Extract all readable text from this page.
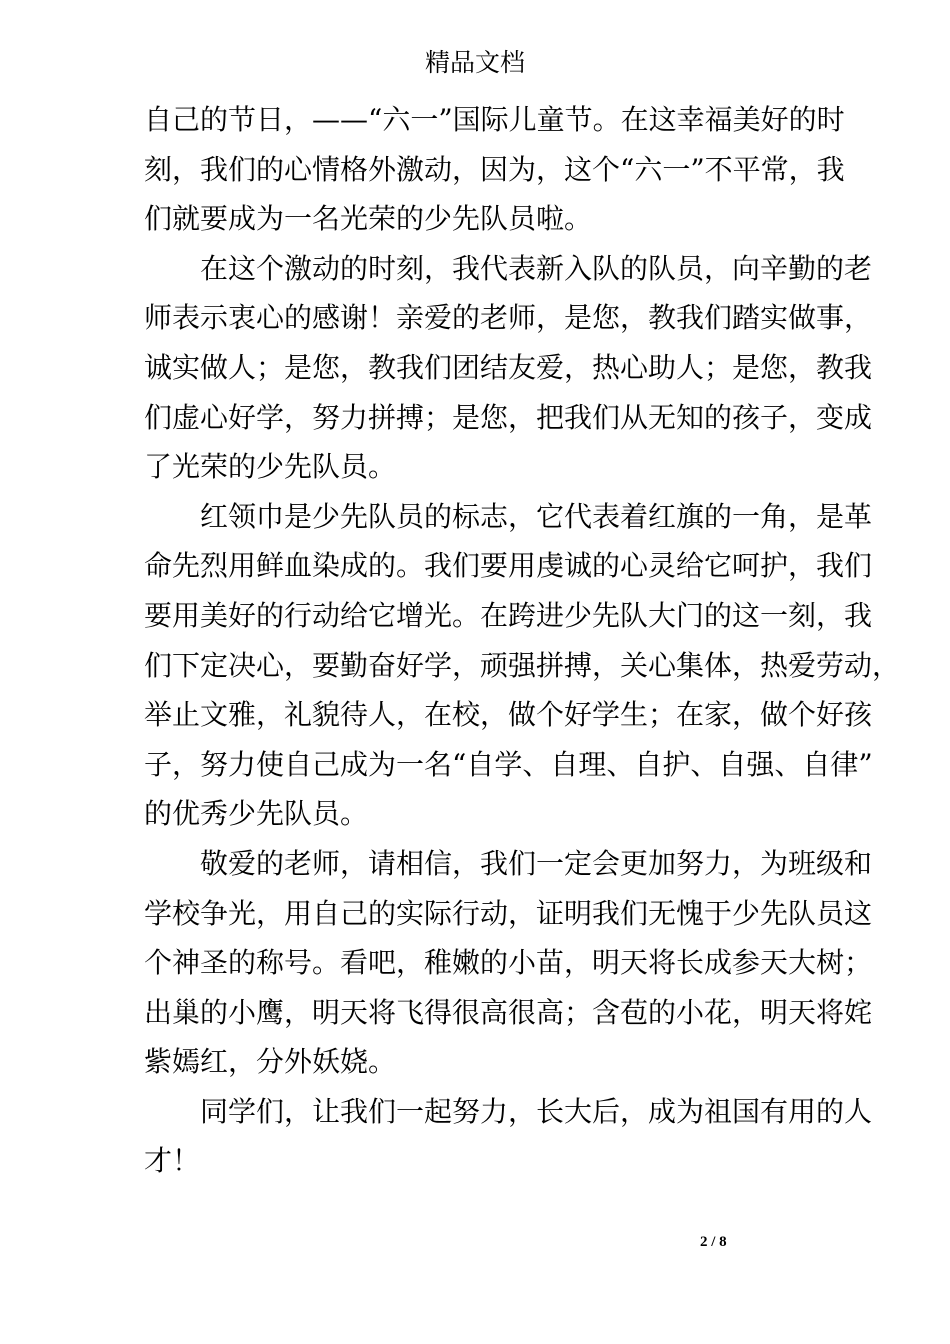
精品文档

自己的节日，——“六一”国际儿童节。在这幸福美好的时
刻，我们的心情格外激动，因为，这个“六一”不平常，我
们就要成为一名光荣的少先队员啦。

在这个激动的时刻，我代表新入队的队员，向辛勤的老
师表示衷心的感谢！亲爱的老师，是您，教我们踏实做事，
诚实做人；是您，教我们团结友爱，热心助人；是您，教我
们虚心好学，努力拼搏；是您，把我们从无知的孩子，变成
了光荣的少先队员。

红领巾是少先队员的标志，它代表着红旗的一角，是革
命先烈用鲜血染成的。我们要用虔诚的心灵给它呵护，我们
要用美好的行动给它增光。在跨进少先队大门的这一刻，我
们下定决心，要勤奋好学，顽强拼搏，关心集体，热爱劳动，
举止文雅，礼貌待人，在校，做个好学生；在家，做个好孩
子，努力使自己成为一名“自学、自理、自护、自强、自律”
的优秀少先队员。

敬爱的老师，请相信，我们一定会更加努力，为班级和
学校争光，用自己的实际行动，证明我们无愧于少先队员这
个神圣的称号。看吧，稚嫩的小苗，明天将长成参天大树；
出巢的小鹰，明天将飞得很高很高；含苞的小花，明天将姹
紫嫣红，分外妖娆。

同学们，让我们一起努力，长大后，成为祖国有用的人
才！

2 / 8
